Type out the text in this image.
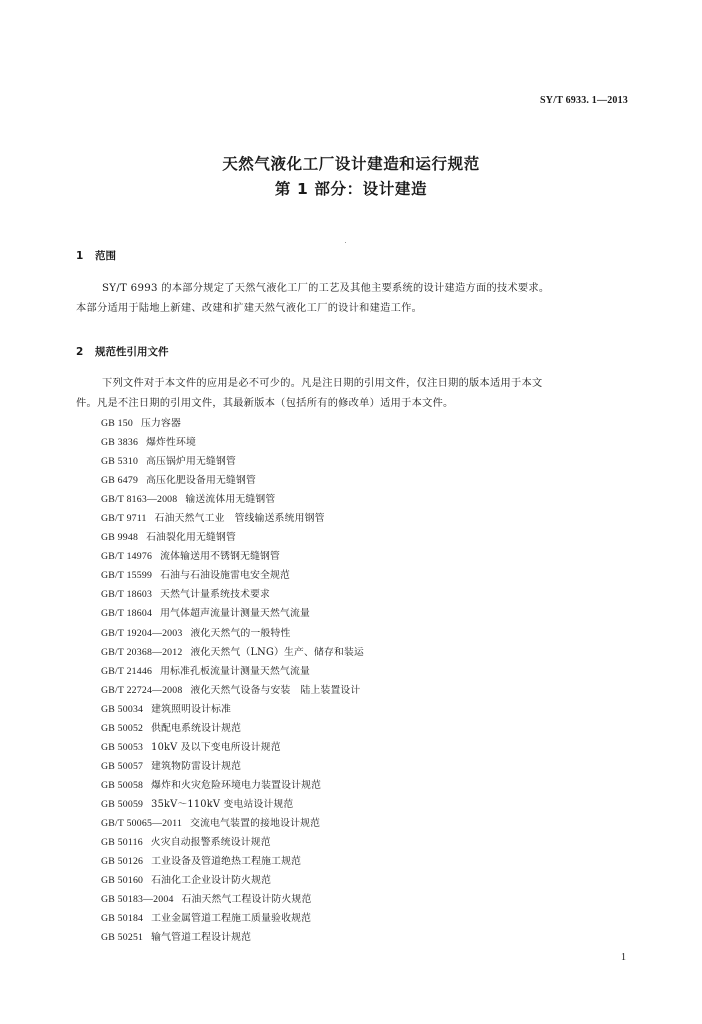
SY/T 6933. 1—2013
天然气液化工厂设计建造和运行规范
第 1 部分：设计建造
1 范围
SY/T 6993 的本部分规定了天然气液化工厂的工艺及其他主要系统的设计建造方面的技术要求。
本部分适用于陆地上新建、改建和扩建天然气液化工厂的设计和建造工作。
2 规范性引用文件
下列文件对于本文件的应用是必不可少的。凡是注日期的引用文件，仅注日期的版本适用于本文
件。凡是不注日期的引用文件，其最新版本（包括所有的修改单）适用于本文件。
GB 150 压力容器
GB 3836 爆炸性环境
GB 5310 高压锅炉用无缝钢管
GB 6479 高压化肥设备用无缝钢管
GB/T 8163—2008 输送流体用无缝钢管
GB/T 9711 石油天然气工业　管线输送系统用钢管
GB 9948 石油裂化用无缝钢管
GB/T 14976 流体输送用不锈钢无缝钢管
GB/T 15599 石油与石油设施雷电安全规范
GB/T 18603 天然气计量系统技术要求
GB/T 18604 用气体超声流量计测量天然气流量
GB/T 19204—2003 液化天然气的一般特性
GB/T 20368—2012 液化天然气（LNG）生产、储存和装运
GB/T 21446 用标准孔板流量计测量天然气流量
GB/T 22724—2008 液化天然气设备与安装　陆上装置设计
GB 50034 建筑照明设计标准
GB 50052 供配电系统设计规范
GB 50053 10kV 及以下变电所设计规范
GB 50057 建筑物防雷设计规范
GB 50058 爆炸和火灾危险环境电力装置设计规范
GB 50059 35kV～110kV 变电站设计规范
GB/T 50065—2011 交流电气装置的接地设计规范
GB 50116 火灾自动报警系统设计规范
GB 50126 工业设备及管道绝热工程施工规范
GB 50160 石油化工企业设计防火规范
GB 50183—2004 石油天然气工程设计防火规范
GB 50184 工业金属管道工程施工质量验收规范
GB 50251 输气管道工程设计规范
1
